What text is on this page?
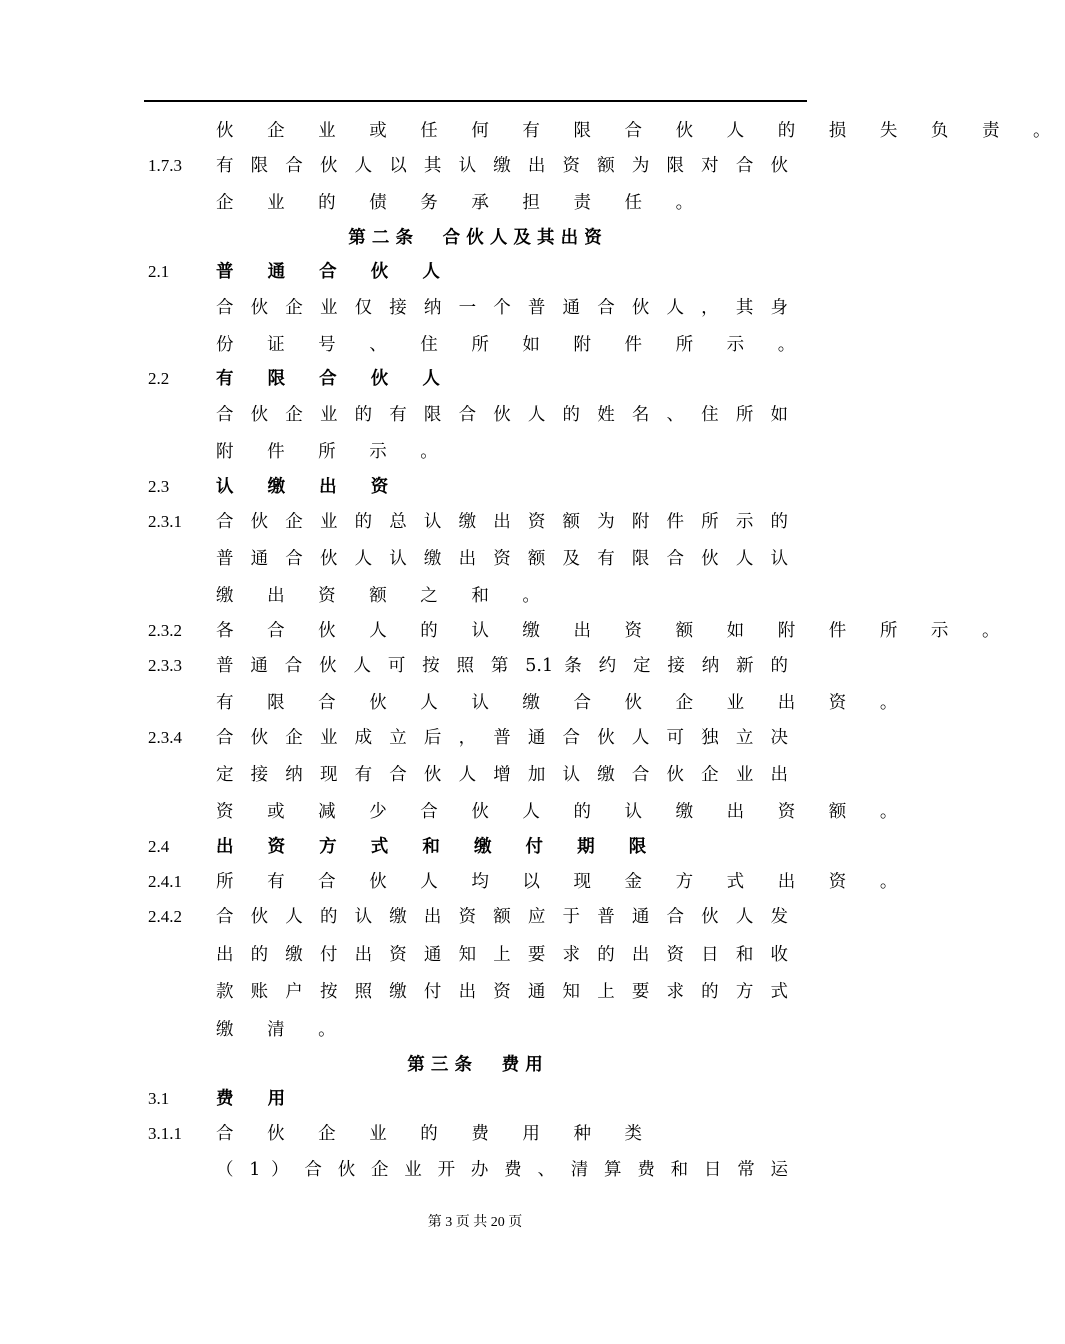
伙 企 业 或 任 何 有 限 合 伙 人 的 损 失 负 责 。
1.7.3 有 限 合 伙 人 以 其 认 缴 出 资 额 为 限 对 合 伙
企 业 的 债 务 承 担 责 任 。
第 二 条 　 合 伙 人 及 其 出 资
2.1	普 通 合 伙 人
合 伙 企 业 仅 接 纳 一 个 普 通 合 伙 人 ， 其 身
份 证 号 、 住 所 如 附 件 所 示 。
2.2	有 限 合 伙 人
合 伙 企 业 的 有 限 合 伙 人 的 姓 名 、 住 所 如
附 件 所 示 。
2.3	认 缴 出 资
2.3.1 合 伙 企 业 的 总 认 缴 出 资 额 为 附 件 所 示 的
普 通 合 伙 人 认 缴 出 资 额 及 有 限 合 伙 人 认
缴 出 资 额 之 和 。
2.3.2 各 合 伙 人 的 认 缴 出 资 额 如 附 件 所 示 。
2.3.3 普 通 合 伙 人 可 按 照 第 5.1 条 约 定 接 纳 新 的
有 限 合 伙 人 认 缴 合 伙 企 业 出 资 。
2.3.4 合 伙 企 业 成 立 后 ， 普 通 合 伙 人 可 独 立 决
定 接 纳 现 有 合 伙 人 增 加 认 缴 合 伙 企 业 出
资 或 减 少 合 伙 人 的 认 缴 出 资 额 。
2.4	出 资 方 式 和 缴 付 期 限
2.4.1 所 有 合 伙 人 均 以 现 金 方 式 出 资 。
2.4.2 合 伙 人 的 认 缴 出 资 额 应 于 普 通 合 伙 人 发
出 的 缴 付 出 资 通 知 上 要 求 的 出 资 日 和 收
款 账 户 按 照 缴 付 出 资 通 知 上 要 求 的 方 式
缴 清 。
第 三 条 　 费 用
3.1	费 用
3.1.1 合 伙 企 业 的 费 用 种 类
（ 1 ） 合 伙 企 业 开 办 费 、 清 算 费 和 日 常 运
第 3 页 共 20 页
